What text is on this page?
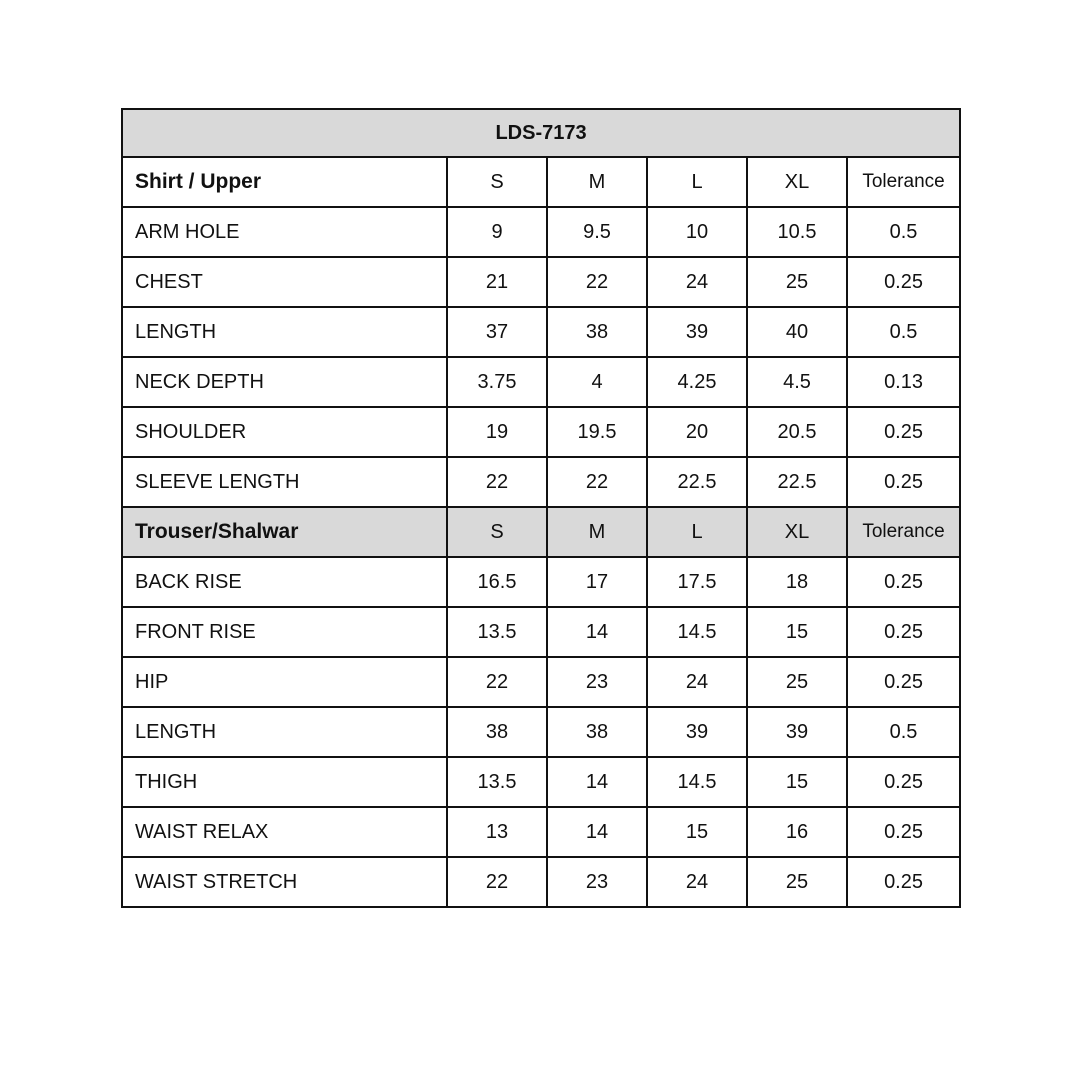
LDS-7173					
Shirt / Upper	S	M	L	XL	Tolerance
ARM HOLE	9	9.5	10	10.5	0.5
CHEST	21	22	24	25	0.25
LENGTH	37	38	39	40	0.5
NECK DEPTH	3.75	4	4.25	4.5	0.13
SHOULDER	19	19.5	20	20.5	0.25
SLEEVE LENGTH	22	22	22.5	22.5	0.25
Trouser/Shalwar	S	M	L	XL	Tolerance
BACK RISE	16.5	17	17.5	18	0.25
FRONT RISE	13.5	14	14.5	15	0.25
HIP	22	23	24	25	0.25
LENGTH	38	38	39	39	0.5
THIGH	13.5	14	14.5	15	0.25
WAIST RELAX	13	14	15	16	0.25
WAIST STRETCH	22	23	24	25	0.25
